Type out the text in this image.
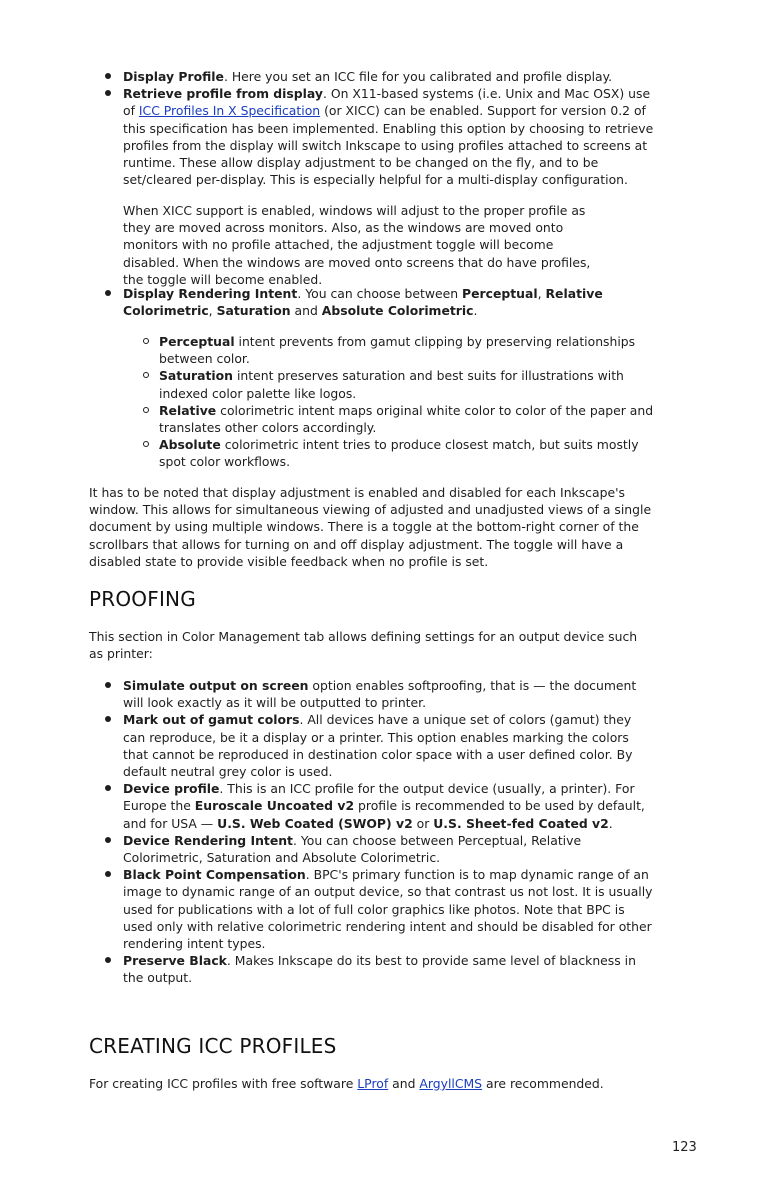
Display Profile. Here you set an ICC file for you calibrated and profile display.
Retrieve profile from display. On X11-based systems (i.e. Unix and Mac OSX) use of ICC Profiles In X Specification (or XICC) can be enabled. Support for version 0.2 of this specification has been implemented. Enabling this option by choosing to retrieve profiles from the display will switch Inkscape to using profiles attached to screens at runtime. These allow display adjustment to be changed on the fly, and to be set/cleared per-display. This is especially helpful for a multi-display configuration.

When XICC support is enabled, windows will adjust to the proper profile as they are moved across monitors. Also, as the windows are moved onto monitors with no profile attached, the adjustment toggle will become disabled. When the windows are moved onto screens that do have profiles, the toggle will become enabled.

Display Rendering Intent. You can choose between Perceptual, Relative Colorimetric, Saturation and Absolute Colorimetric.
Perceptual intent prevents from gamut clipping by preserving relationships between color.
Saturation intent preserves saturation and best suits for illustrations with indexed color palette like logos.
Relative colorimetric intent maps original white color to color of the paper and translates other colors accordingly.
Absolute colorimetric intent tries to produce closest match, but suits mostly spot color workflows.

It has to be noted that display adjustment is enabled and disabled for each Inkscape's window. This allows for simultaneous viewing of adjusted and unadjusted views of a single document by using multiple windows. There is a toggle at the bottom-right corner of the scrollbars that allows for turning on and off display adjustment. The toggle will have a disabled state to provide visible feedback when no profile is set.

PROOFING

This section in Color Management tab allows defining settings for an output device such as printer:

Simulate output on screen option enables softproofing, that is — the document will look exactly as it will be outputted to printer.
Mark out of gamut colors. All devices have a unique set of colors (gamut) they can reproduce, be it a display or a printer. This option enables marking the colors that cannot be reproduced in destination color space with a user defined color. By default neutral grey color is used.
Device profile. This is an ICC profile for the output device (usually, a printer). For Europe the Euroscale Uncoated v2 profile is recommended to be used by default, and for USA — U.S. Web Coated (SWOP) v2 or U.S. Sheet-fed Coated v2.
Device Rendering Intent. You can choose between Perceptual, Relative Colorimetric, Saturation and Absolute Colorimetric.
Black Point Compensation. BPC's primary function is to map dynamic range of an image to dynamic range of an output device, so that contrast us not lost. It is usually used for publications with a lot of full color graphics like photos. Note that BPC is used only with relative colorimetric rendering intent and should be disabled for other rendering intent types.
Preserve Black. Makes Inkscape do its best to provide same level of blackness in the output.
CREATING ICC PROFILES

For creating ICC profiles with free software LProf and ArgyllCMS are recommended.

123
